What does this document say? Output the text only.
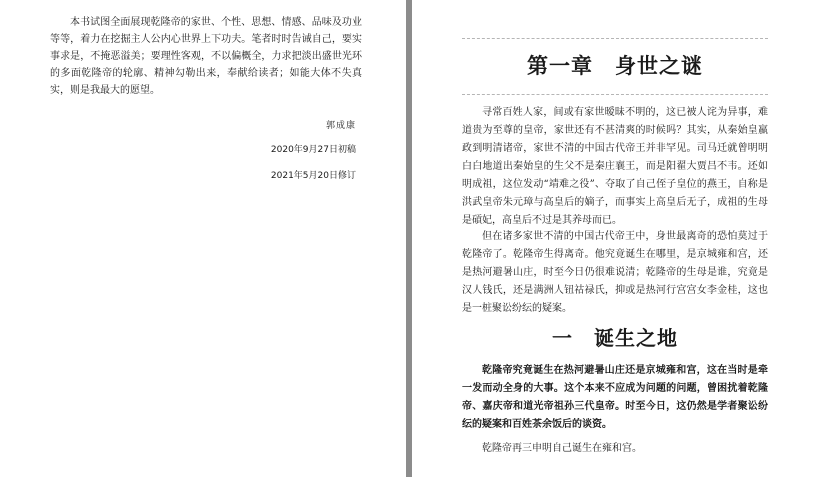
本书试图全面展现乾隆帝的家世、个性、思想、情感、品味及功业等等，着力在挖掘主人公内心世界上下功夫。笔者时时告诫自己，要实事求是，不掩恶溢美；要理性客观，不以偏概全，力求把淡出盛世光环的多面乾隆帝的轮廓、精神勾勒出来，奉献给读者；如能大体不失真实，则是我最大的愿望。

郭成康

2020年9月27日初稿

2021年5月20日修订

第一章　身世之谜

寻常百姓人家，间或有家世暧昧不明的，这已被人诧为异事，难道贵为至尊的皇帝，家世还有不甚清爽的时候吗？其实，从秦始皇嬴政到明清诸帝，家世不清的中国古代帝王并非罕见。司马迁就曾明明白白地道出秦始皇的生父不是秦庄襄王，而是阳翟大贾吕不韦。还如明成祖，这位发动“靖难之役”、夺取了自己侄子皇位的燕王，自称是洪武皇帝朱元璋与高皇后的嫡子，而事实上高皇后无子，成祖的生母是碽妃，高皇后不过是其养母而已。

但在诸多家世不清的中国古代帝王中，身世最离奇的恐怕莫过于乾隆帝了。乾隆帝生得离奇。他究竟诞生在哪里，是京城雍和宫，还是热河避暑山庄，时至今日仍很难说清；乾隆帝的生母是谁，究竟是汉人钱氏，还是满洲人钮祜禄氏，抑或是热河行宫宫女李金桂，这也是一桩聚讼纷纭的疑案。

一　诞生之地

乾隆帝究竟诞生在热河避暑山庄还是京城雍和宫，这在当时是牵一发而动全身的大事。这个本来不应成为问题的问题，曾困扰着乾隆帝、嘉庆帝和道光帝祖孙三代皇帝。时至今日，这仍然是学者聚讼纷纭的疑案和百姓茶余饭后的谈资。

乾隆帝再三申明自己诞生在雍和宫。
